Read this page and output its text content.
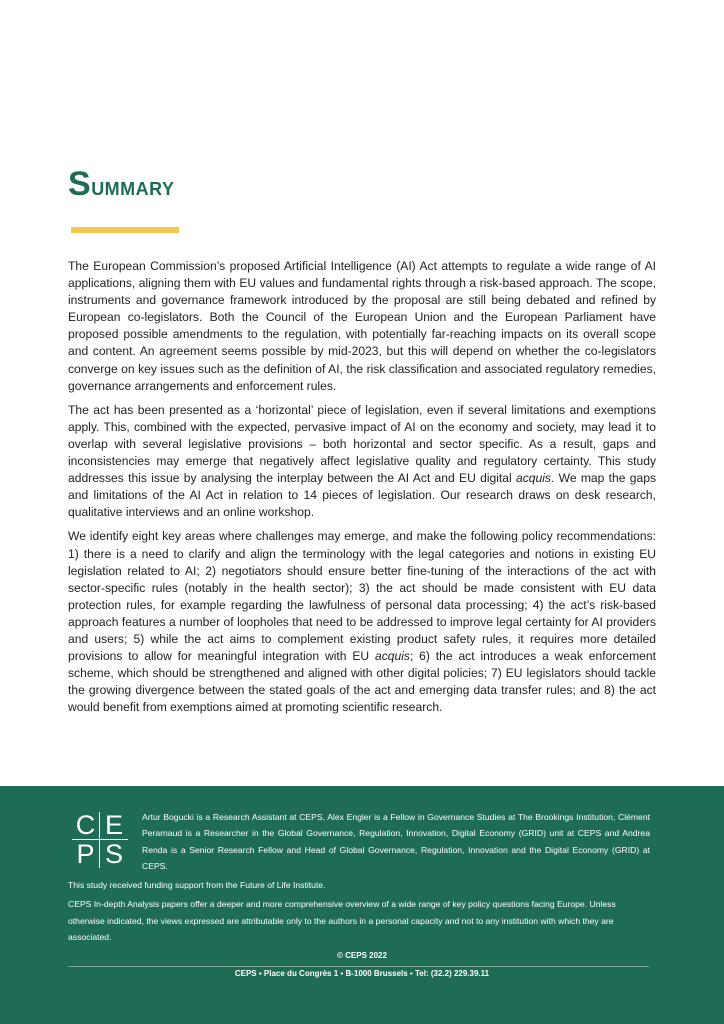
Summary

The European Commission’s proposed Artificial Intelligence (AI) Act attempts to regulate a wide range of AI applications, aligning them with EU values and fundamental rights through a risk-based approach. The scope, instruments and governance framework introduced by the proposal are still being debated and refined by European co-legislators. Both the Council of the European Union and the European Parliament have proposed possible amendments to the regulation, with potentially far-reaching impacts on its overall scope and content. An agreement seems possible by mid-2023, but this will depend on whether the co-legislators converge on key issues such as the definition of AI, the risk classification and associated regulatory remedies, governance arrangements and enforcement rules.

The act has been presented as a ‘horizontal’ piece of legislation, even if several limitations and exemptions apply. This, combined with the expected, pervasive impact of AI on the economy and society, may lead it to overlap with several legislative provisions – both horizontal and sector specific. As a result, gaps and inconsistencies may emerge that negatively affect legislative quality and regulatory certainty. This study addresses this issue by analysing the interplay between the AI Act and EU digital acquis. We map the gaps and limitations of the AI Act in relation to 14 pieces of legislation. Our research draws on desk research, qualitative interviews and an online workshop.

We identify eight key areas where challenges may emerge, and make the following policy recommendations: 1) there is a need to clarify and align the terminology with the legal categories and notions in existing EU legislation related to AI; 2) negotiators should ensure better fine-tuning of the interactions of the act with sector-specific rules (notably in the health sector); 3) the act should be made consistent with EU data protection rules, for example regarding the lawfulness of personal data processing; 4) the act’s risk-based approach features a number of loopholes that need to be addressed to improve legal certainty for AI providers and users; 5) while the act aims to complement existing product safety rules, it requires more detailed provisions to allow for meaningful integration with EU acquis; 6) the act introduces a weak enforcement scheme, which should be strengthened and aligned with other digital policies; 7) EU legislators should tackle the growing divergence between the stated goals of the act and emerging data transfer rules; and 8) the act would benefit from exemptions aimed at promoting scientific research.

C E
P S

Artur Bogucki is a Research Assistant at CEPS, Alex Engler is a Fellow in Governance Studies at The Brookings Institution, Clément Perarnaud is a Researcher in the Global Governance, Regulation, Innovation, Digital Economy (GRID) unit at CEPS and Andrea Renda is a Senior Research Fellow and Head of Global Governance, Regulation, Innovation and the Digital Economy (GRID) at CEPS.

This study received funding support from the Future of Life Institute.

CEPS In-depth Analysis papers offer a deeper and more comprehensive overview of a wide range of key policy questions facing Europe. Unless otherwise indicated, the views expressed are attributable only to the authors in a personal capacity and not to any institution with which they are associated.

© CEPS 2022

CEPS ▪ Place du Congrès 1 ▪ B-1000 Brussels ▪ Tel: (32.2) 229.39.11
